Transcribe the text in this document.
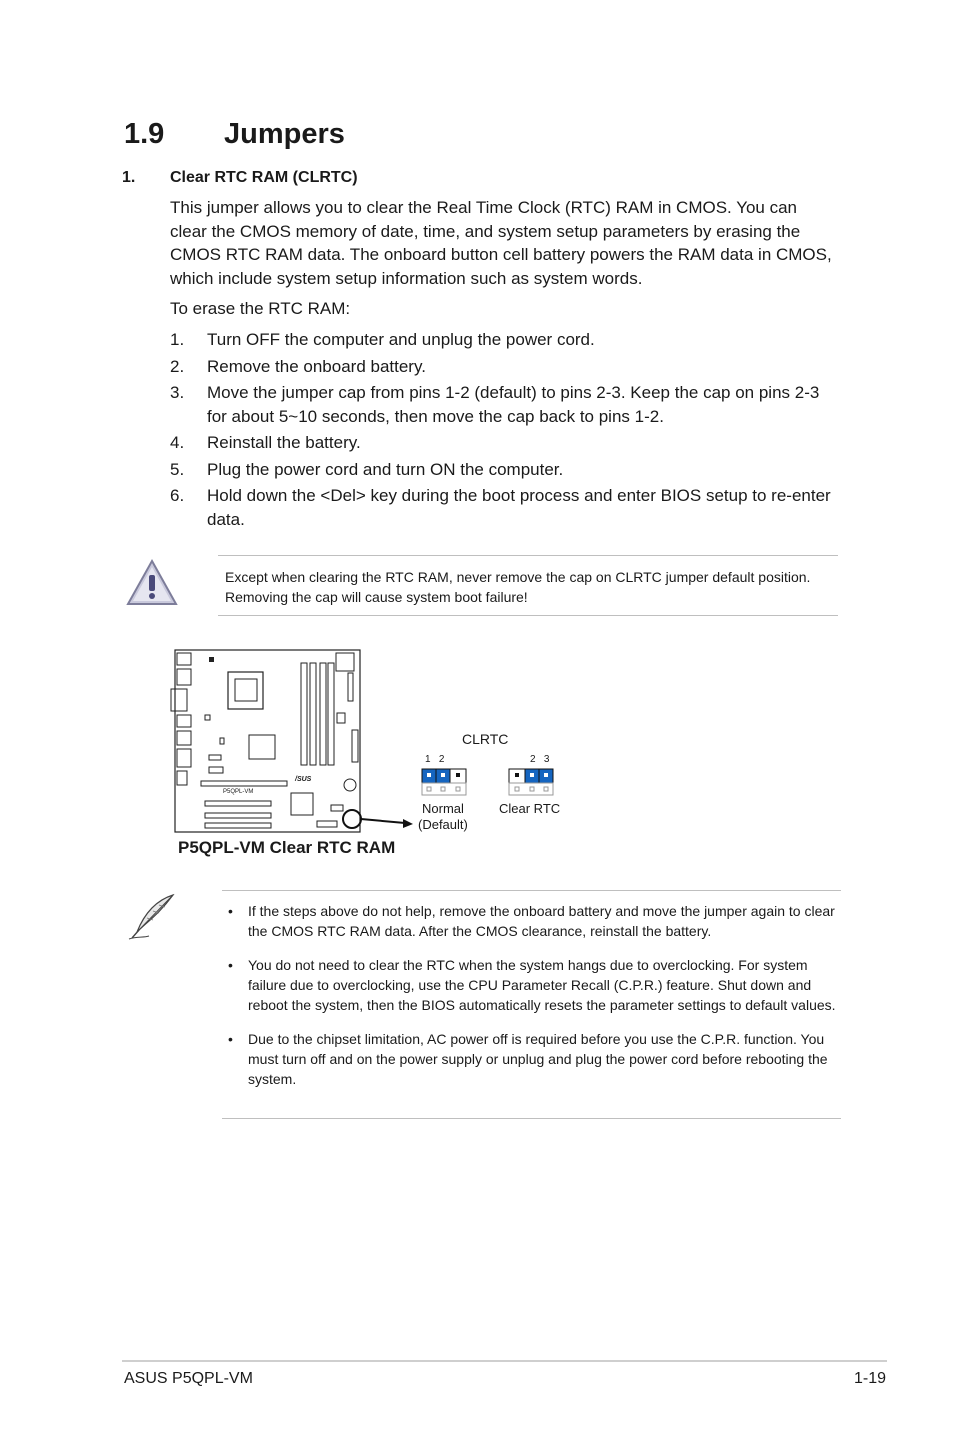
1.9 Jumpers
1. Clear RTC RAM (CLRTC)
This jumper allows you to clear the Real Time Clock (RTC) RAM in CMOS. You can clear the CMOS memory of date, time, and system setup parameters by erasing the CMOS RTC RAM data. The onboard button cell battery powers the RAM data in CMOS, which include system setup information such as system words.
To erase the RTC RAM:
1.	Turn OFF the computer and unplug the power cord.
2.	Remove the onboard battery.
3.	Move the jumper cap from pins 1-2 (default) to pins 2-3. Keep the cap on pins 2-3 for about 5~10 seconds, then move the cap back to pins 1-2.
4.	Reinstall the battery.
5.	Plug the power cord and turn ON the computer.
6.	Hold down the <Del> key during the boot process and enter BIOS setup to re-enter data.
Except when clearing the RTC RAM, never remove the cap on CLRTC jumper default position. Removing the cap will cause system boot failure!
P5QPL-VM
/SUS
CLRTC
1   2	2   3
Normal
(Default)
Clear RTC
P5QPL-VM Clear RTC RAM
•	If the steps above do not help, remove the onboard battery and move the jumper again to clear the CMOS RTC RAM data. After the CMOS clearance, reinstall the battery.
•	You do not need to clear the RTC when the system hangs due to overclocking. For system failure due to overclocking, use the CPU Parameter Recall (C.P.R.) feature. Shut down and reboot the system, then the BIOS automatically resets the parameter settings to default values.
•	Due to the chipset limitation, AC power off is required before you use the C.P.R. function. You must turn off and on the power supply or unplug and plug the power cord before rebooting the system.
ASUS P5QPL-VM	1-19
